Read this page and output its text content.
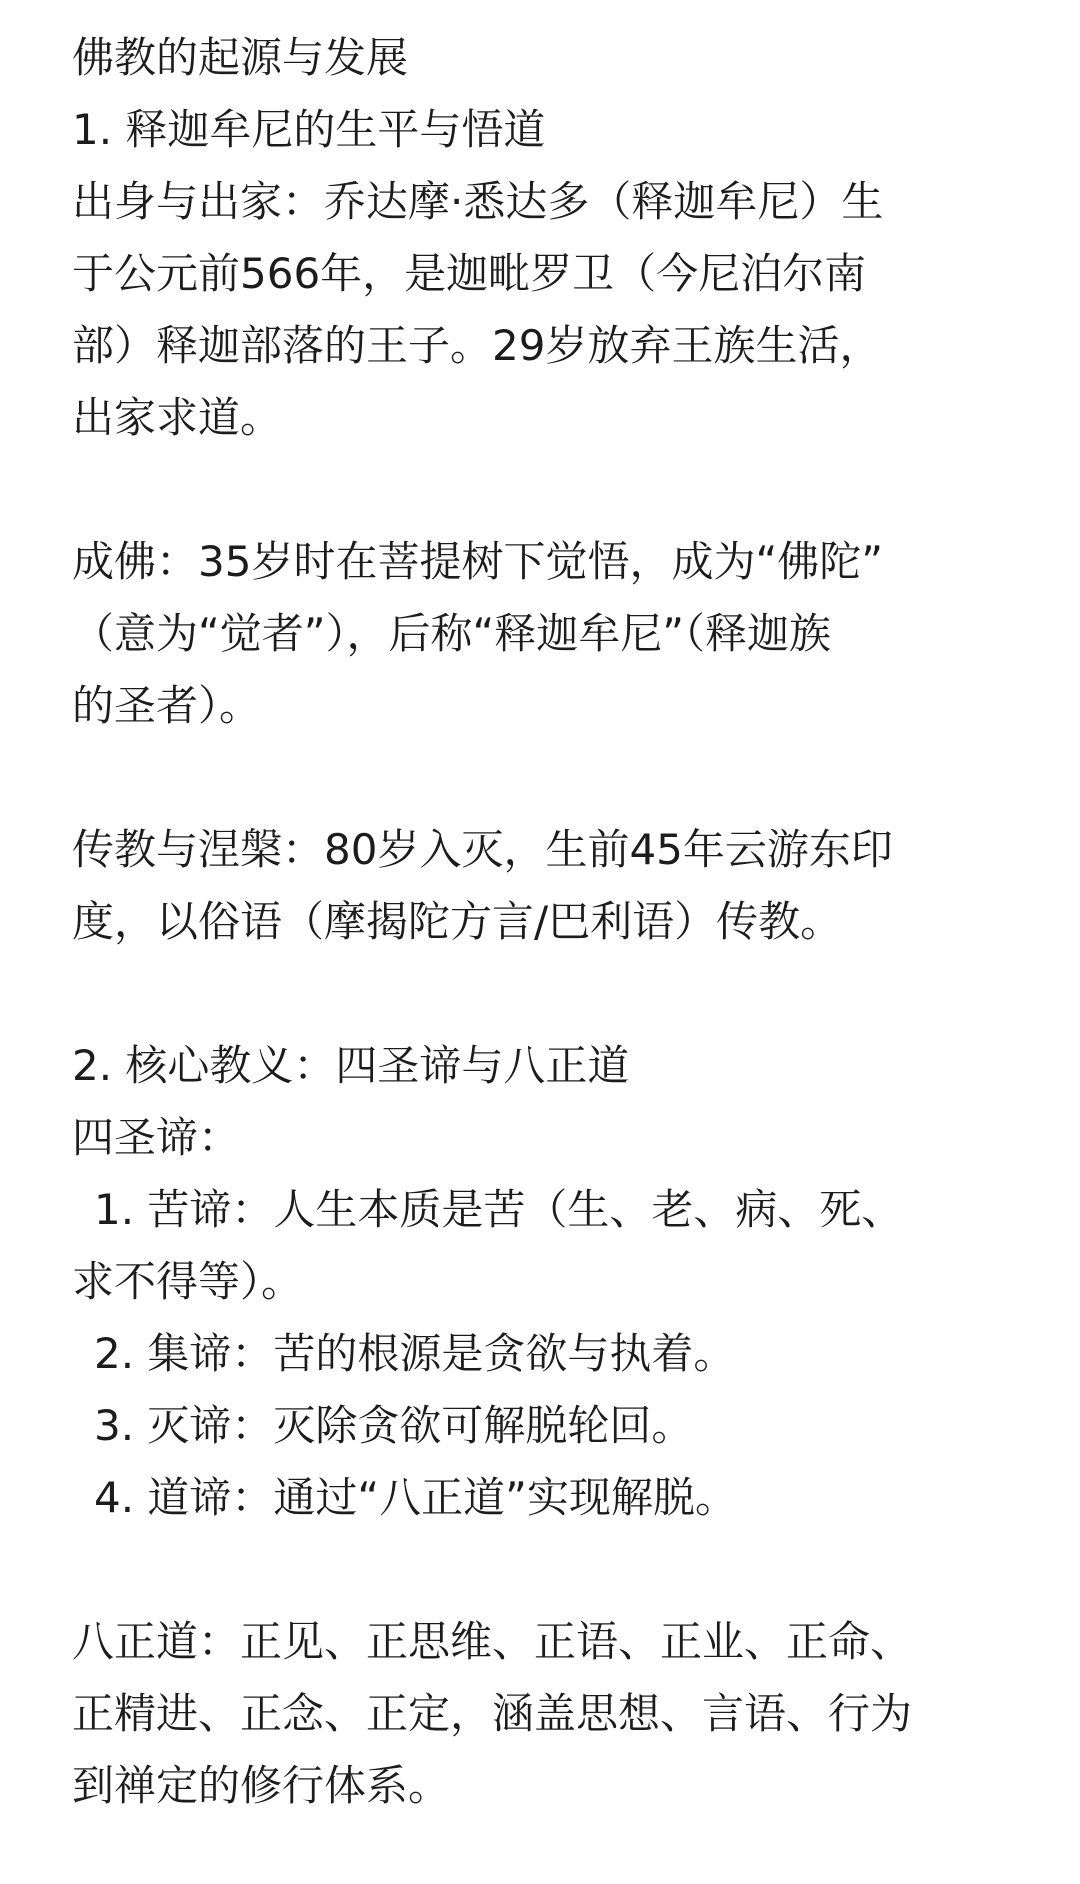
佛教的起源与发展
1. 释迦牟尼的生平与悟道
出身与出家：乔达摩·悉达多（释迦牟尼）生
于公元前566年，是迦毗罗卫（今尼泊尔南
部）释迦部落的王子。29岁放弃王族生活，
出家求道。
成佛：35岁时在菩提树下觉悟，成为“佛陀”
（意为“觉者”），后称“释迦牟尼”（释迦族
的圣者）。
传教与涅槃：80岁入灭，生前45年云游东印
度，以俗语（摩揭陀方言/巴利语）传教。
2. 核心教义：四圣谛与八正道
四圣谛：
1. 苦谛：人生本质是苦（生、老、病、死、
求不得等）。
2. 集谛：苦的根源是贪欲与执着。
3. 灭谛：灭除贪欲可解脱轮回。
4. 道谛：通过“八正道”实现解脱。
八正道：正见、正思维、正语、正业、正命、
正精进、正念、正定，涵盖思想、言语、行为
到禅定的修行体系。
